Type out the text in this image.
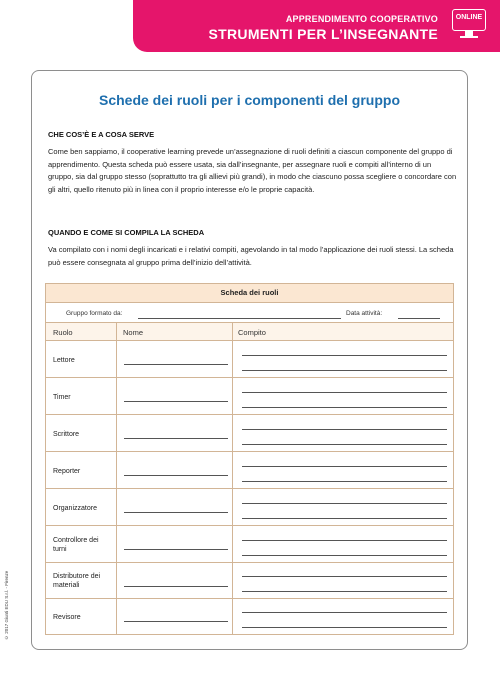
APPRENDIMENTO COOPERATIVO
STRUMENTI PER L’INSEGNANTE
ONLINE
© 2017 Giunti EDU S.r.l. - Firenze
Schede dei ruoli per i componenti del gruppo
CHE COS’È E A COSA SERVE
Come ben sappiamo, il cooperative learning prevede un’assegnazione di ruoli definiti a ciascun componente del gruppo di apprendimento. Questa scheda può essere usata, sia dall’insegnante, per assegnare ruoli e compiti all’interno di un gruppo, sia dal gruppo stesso (soprattutto tra gli allievi più grandi), in modo che ciascuno possa scegliere o concordare con gli altri, quello ritenuto più in linea con il proprio interesse e/o le proprie capacità.
QUANDO E COME SI COMPILA LA SCHEDA
Va compilato con i nomi degli incaricati e i relativi compiti, agevolando in tal modo l’applicazione dei ruoli stessi. La scheda può essere consegnata al gruppo prima dell’inizio dell’attività.
Scheda dei ruoli
Gruppo formato da:	Data attività:
Ruolo	Nome	Compito
Lettore
Timer
Scrittore
Reporter
Organizzatore
Controllore dei turni
Distributore dei materiali
Revisore
